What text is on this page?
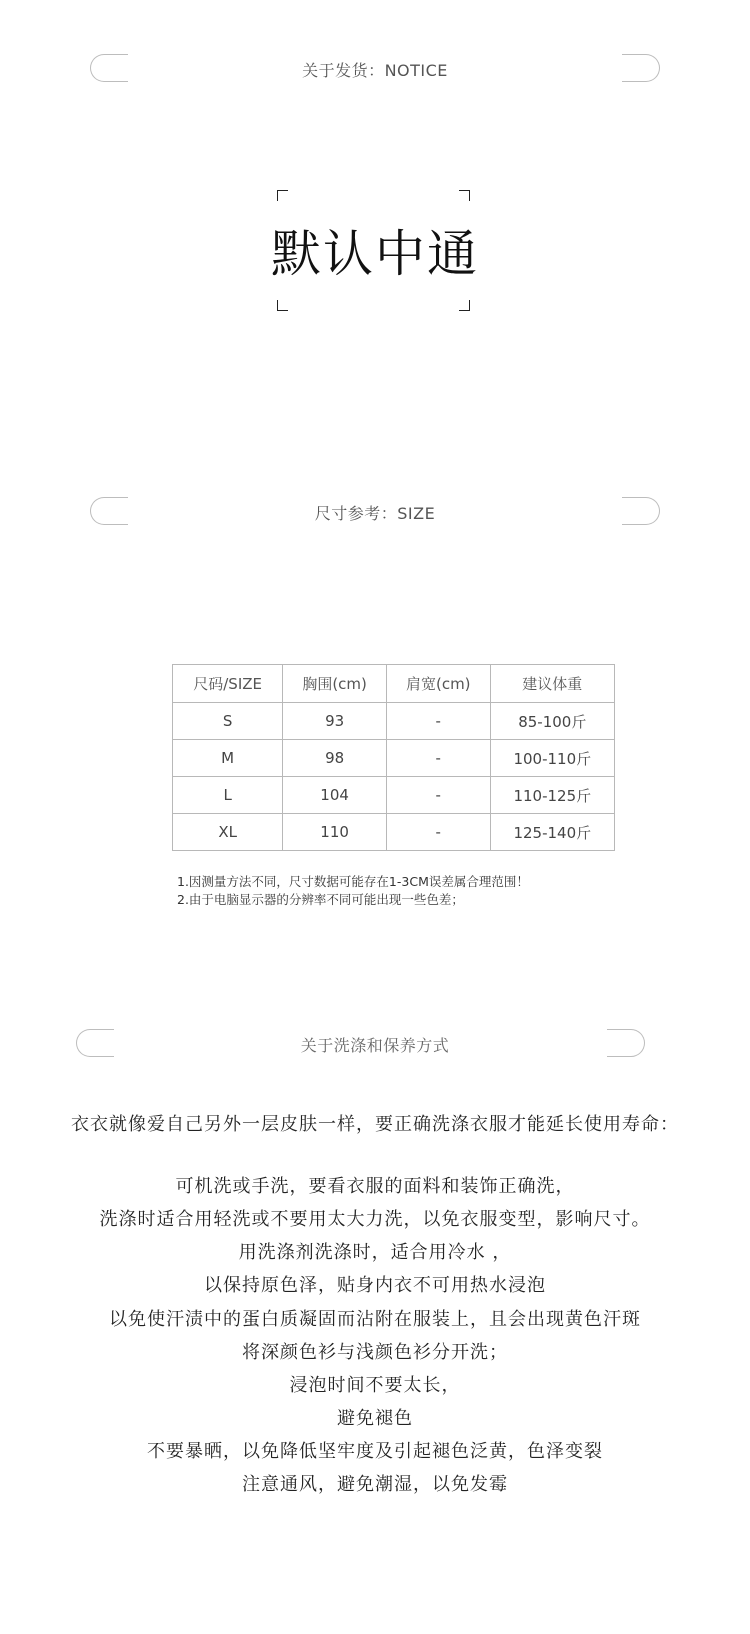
关于发货：NOTICE
默认中通
尺寸参考：SIZE
尺码/SIZE	胸围(cm)	肩宽(cm)	建议体重
S	93	-	85-100斤
M	98	-	100-110斤
L	104	-	110-125斤
XL	110	-	125-140斤
1.因测量方法不同，尺寸数据可能存在1-3CM误差属合理范围！
2.由于电脑显示器的分辨率不同可能出现一些色差；
关于洗涤和保养方式
衣衣就像爱自己另外一层皮肤一样，要正确洗涤衣服才能延长使用寿命：
可机洗或手洗，要看衣服的面料和装饰正确洗，
洗涤时适合用轻洗或不要用太大力洗，以免衣服变型，影响尺寸。
用洗涤剂洗涤时，适合用冷水 ，
以保持原色泽，贴身内衣不可用热水浸泡
以免使汗渍中的蛋白质凝固而沾附在服装上，且会出现黄色汗斑
将深颜色衫与浅颜色衫分开洗；
浸泡时间不要太长，
避免褪色
不要暴晒，以免降低坚牢度及引起褪色泛黄，色泽变裂
注意通风，避免潮湿，以免发霉
